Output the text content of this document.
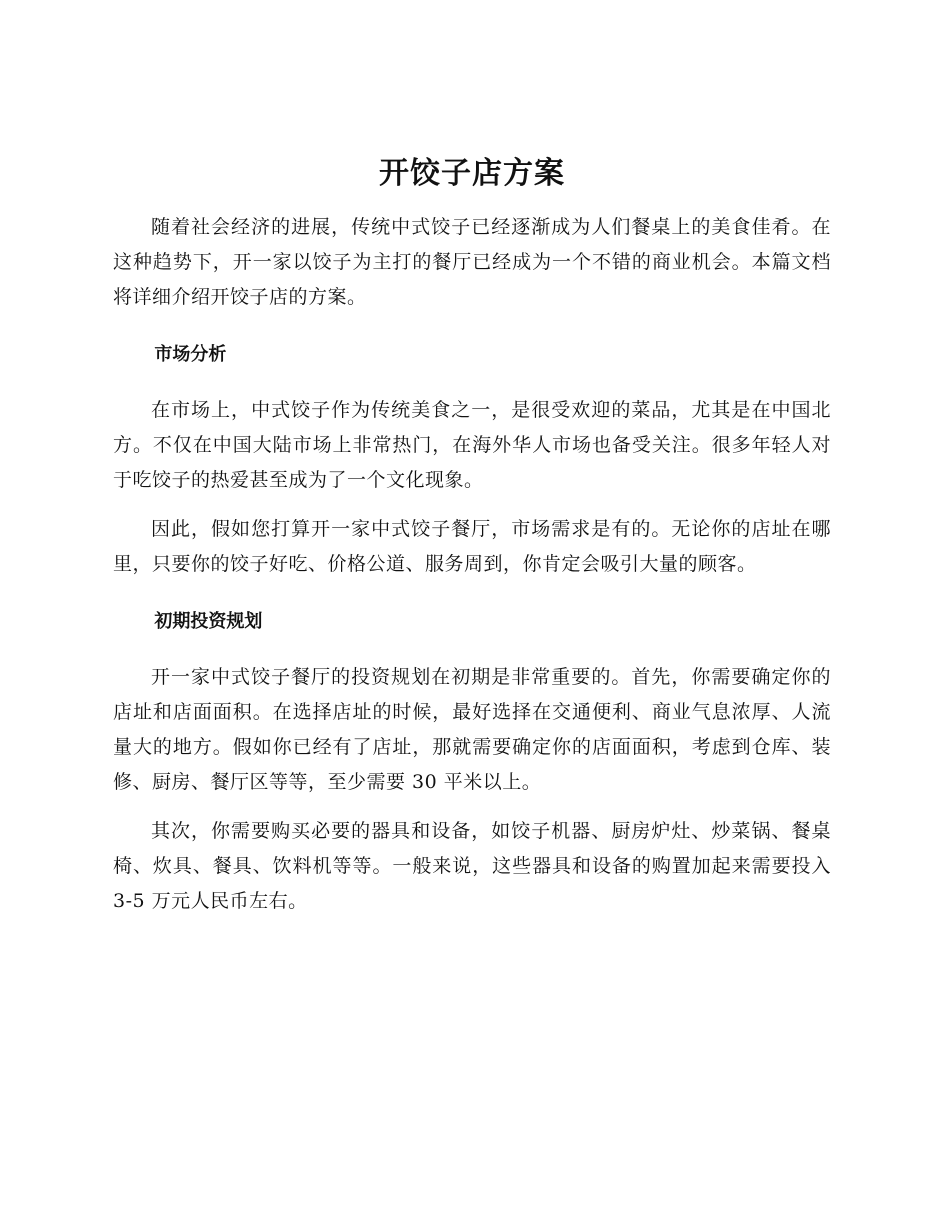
开饺子店方案

随着社会经济的进展，传统中式饺子已经逐渐成为人们餐桌上的美食佳肴。在这种趋势下，开一家以饺子为主打的餐厅已经成为一个不错的商业机会。本篇文档将详细介绍开饺子店的方案。

市场分析

在市场上，中式饺子作为传统美食之一，是很受欢迎的菜品，尤其是在中国北方。不仅在中国大陆市场上非常热门，在海外华人市场也备受关注。很多年轻人对于吃饺子的热爱甚至成为了一个文化现象。

因此，假如您打算开一家中式饺子餐厅，市场需求是有的。无论你的店址在哪里，只要你的饺子好吃、价格公道、服务周到，你肯定会吸引大量的顾客。

初期投资规划

开一家中式饺子餐厅的投资规划在初期是非常重要的。首先，你需要确定你的店址和店面面积。在选择店址的时候，最好选择在交通便利、商业气息浓厚、人流量大的地方。假如你已经有了店址，那就需要确定你的店面面积，考虑到仓库、装修、厨房、餐厅区等等，至少需要 30 平米以上。

其次，你需要购买必要的器具和设备，如饺子机器、厨房炉灶、炒菜锅、餐桌椅、炊具、餐具、饮料机等等。一般来说，这些器具和设备的购置加起来需要投入 3-5 万元人民币左右。
